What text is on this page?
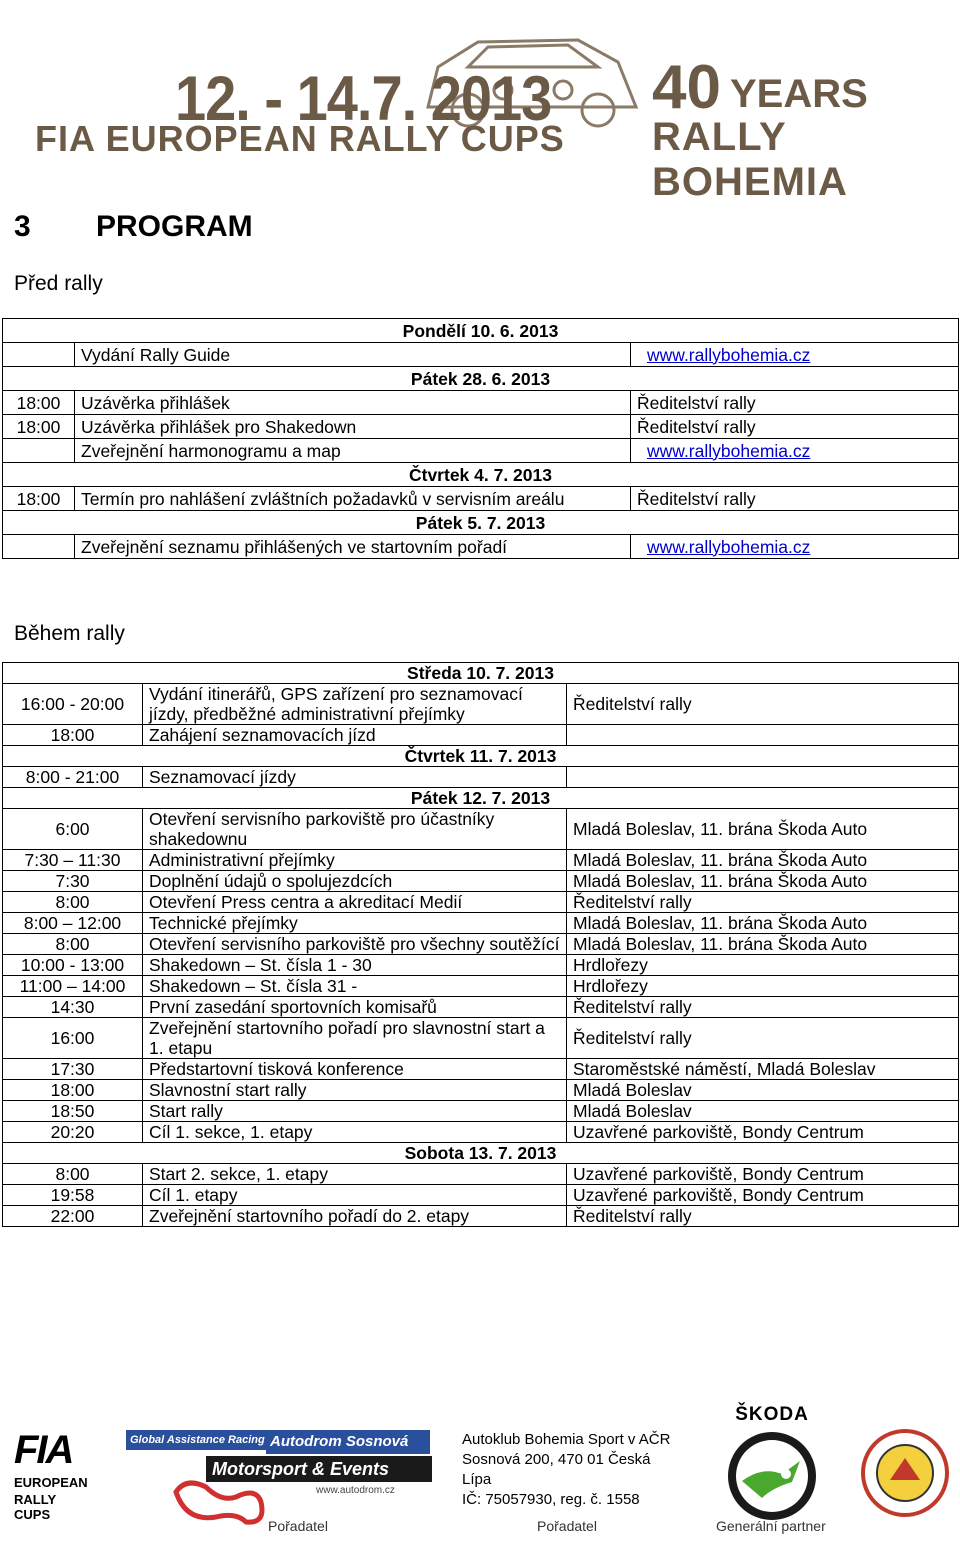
12. - 14.7. 2013
FIA EUROPEAN RALLY CUPS
40 YEARS
RALLY BOHEMIA
3 PROGRAM
Před rally
Pondělí 10. 6. 2013		
	Vydání Rally Guide	www.rallybohemia.cz
Pátek 28. 6. 2013		
18:00	Uzávěrka přihlášek	Ředitelství rally
18:00	Uzávěrka přihlášek pro Shakedown	Ředitelství rally
	Zveřejnění harmonogramu a map	www.rallybohemia.cz
Čtvrtek 4. 7. 2013		
18:00	Termín pro nahlášení zvláštních požadavků v servisním areálu	Ředitelství rally
Pátek 5. 7. 2013		
	Zveřejnění seznamu přihlášených ve startovním pořadí	www.rallybohemia.cz
Během rally
Středa 10. 7. 2013		
16:00 - 20:00	Vydání itinerářů, GPS zařízení pro seznamovací jízdy, předběžné administrativní přejímky	Ředitelství rally
18:00	Zahájení seznamovacích jízd	
Čtvrtek 11. 7. 2013		
8:00 - 21:00	Seznamovací jízdy	
Pátek 12. 7. 2013		
6:00	Otevření servisního parkoviště pro účastníky shakedownu	Mladá Boleslav, 11. brána Škoda Auto
7:30 – 11:30	Administrativní přejímky	Mladá Boleslav, 11. brána Škoda Auto
7:30	Doplnění údajů o spolujezdcích	Mladá Boleslav, 11. brána Škoda Auto
8:00	Otevření Press centra a akreditací Medií	Ředitelství rally
8:00 – 12:00	Technické přejímky	Mladá Boleslav, 11. brána Škoda Auto
8:00	Otevření servisního parkoviště pro všechny soutěžící	Mladá Boleslav, 11. brána Škoda Auto
10:00 - 13:00	Shakedown – St. čísla 1 - 30	Hrdlořezy
11:00 – 14:00	Shakedown – St. čísla 31 -	Hrdlořezy
14:30	První zasedání sportovních komisařů	Ředitelství rally
16:00	Zveřejnění startovního pořadí pro slavnostní start a 1. etapu	Ředitelství rally
17:30	Předstartovní tisková konference	Staroměstské náměstí, Mladá Boleslav
18:00	Slavnostní start rally	Mladá Boleslav
18:50	Start rally	Mladá Boleslav
20:20	Cíl 1. sekce, 1. etapy	Uzavřené parkoviště, Bondy Centrum
Sobota 13. 7. 2013		
8:00	Start 2. sekce, 1. etapy	Uzavřené parkoviště, Bondy Centrum
19:58	Cíl 1. etapy	Uzavřené parkoviště, Bondy Centrum
22:00	Zveřejnění startovního pořadí do 2. etapy	Ředitelství rally
FIA
EUROPEAN
RALLY CUPS
Global Assistance Racing Arena
Autodrom Sosnová
Motorsport & Events
www.autodrom.cz
Pořadatel
Autoklub Bohemia Sport v AČR
Sosnová 200, 470 01 Česká Lípa
IČ: 75057930, reg. č. 1558
Pořadatel
ŠKODA
Generální partner
